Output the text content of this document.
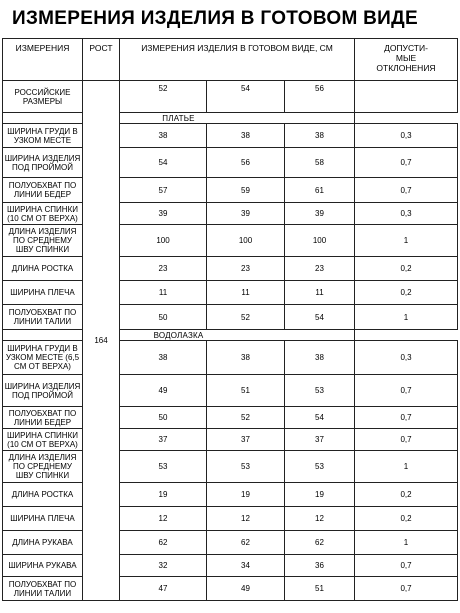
ИЗМЕРЕНИЯ ИЗДЕЛИЯ В ГОТОВОМ ВИДЕ
ИЗМЕРЕНИЯ	РОСТ	ИЗМЕРЕНИЯ ИЗДЕЛИЯ В ГОТОВОМ ВИДЕ, СМ			ДОПУСТИ-
МЫЕ
ОТКЛОНЕНИЯ
РОССИЙСКИЕ РАЗМЕРЫ	164	52	54	56	
ПЛАТЬЕ					
ШИРИНА ГРУДИ В УЗКОМ МЕСТЕ		38	38	38	0,3
ШИРИНА ИЗДЕЛИЯ ПОД ПРОЙМОЙ		54	56	58	0,7
ПОЛУОБХВАТ ПО ЛИНИИ БЕДЕР		57	59	61	0,7
ШИРИНА СПИНКИ (10 СМ ОТ ВЕРХА)		39	39	39	0,3
ДЛИНА ИЗДЕЛИЯ ПО СРЕДНЕМУ ШВУ СПИНКИ		100	100	100	1
ДЛИНА РОСТКА		23	23	23	0,2
ШИРИНА ПЛЕЧА		11	11	11	0,2
ПОЛУОБХВАТ ПО ЛИНИИ ТАЛИИ		50	52	54	1
ВОДОЛАЗКА					
ШИРИНА ГРУДИ В УЗКОМ МЕСТЕ (6,5 СМ ОТ ВЕРХА)		38	38	38	0,3
ШИРИНА ИЗДЕЛИЯ ПОД ПРОЙМОЙ		49	51	53	0,7
ПОЛУОБХВАТ ПО ЛИНИИ БЕДЕР		50	52	54	0,7
ШИРИНА СПИНКИ (10 СМ ОТ ВЕРХА)		37	37	37	0,7
ДЛИНА ИЗДЕЛИЯ ПО СРЕДНЕМУ ШВУ СПИНКИ		53	53	53	1
ДЛИНА РОСТКА		19	19	19	0,2
ШИРИНА ПЛЕЧА		12	12	12	0,2
ДЛИНА РУКАВА		62	62	62	1
ШИРИНА РУКАВА		32	34	36	0,7
ПОЛУОБХВАТ ПО ЛИНИИ ТАЛИИ		47	49	51	0,7
